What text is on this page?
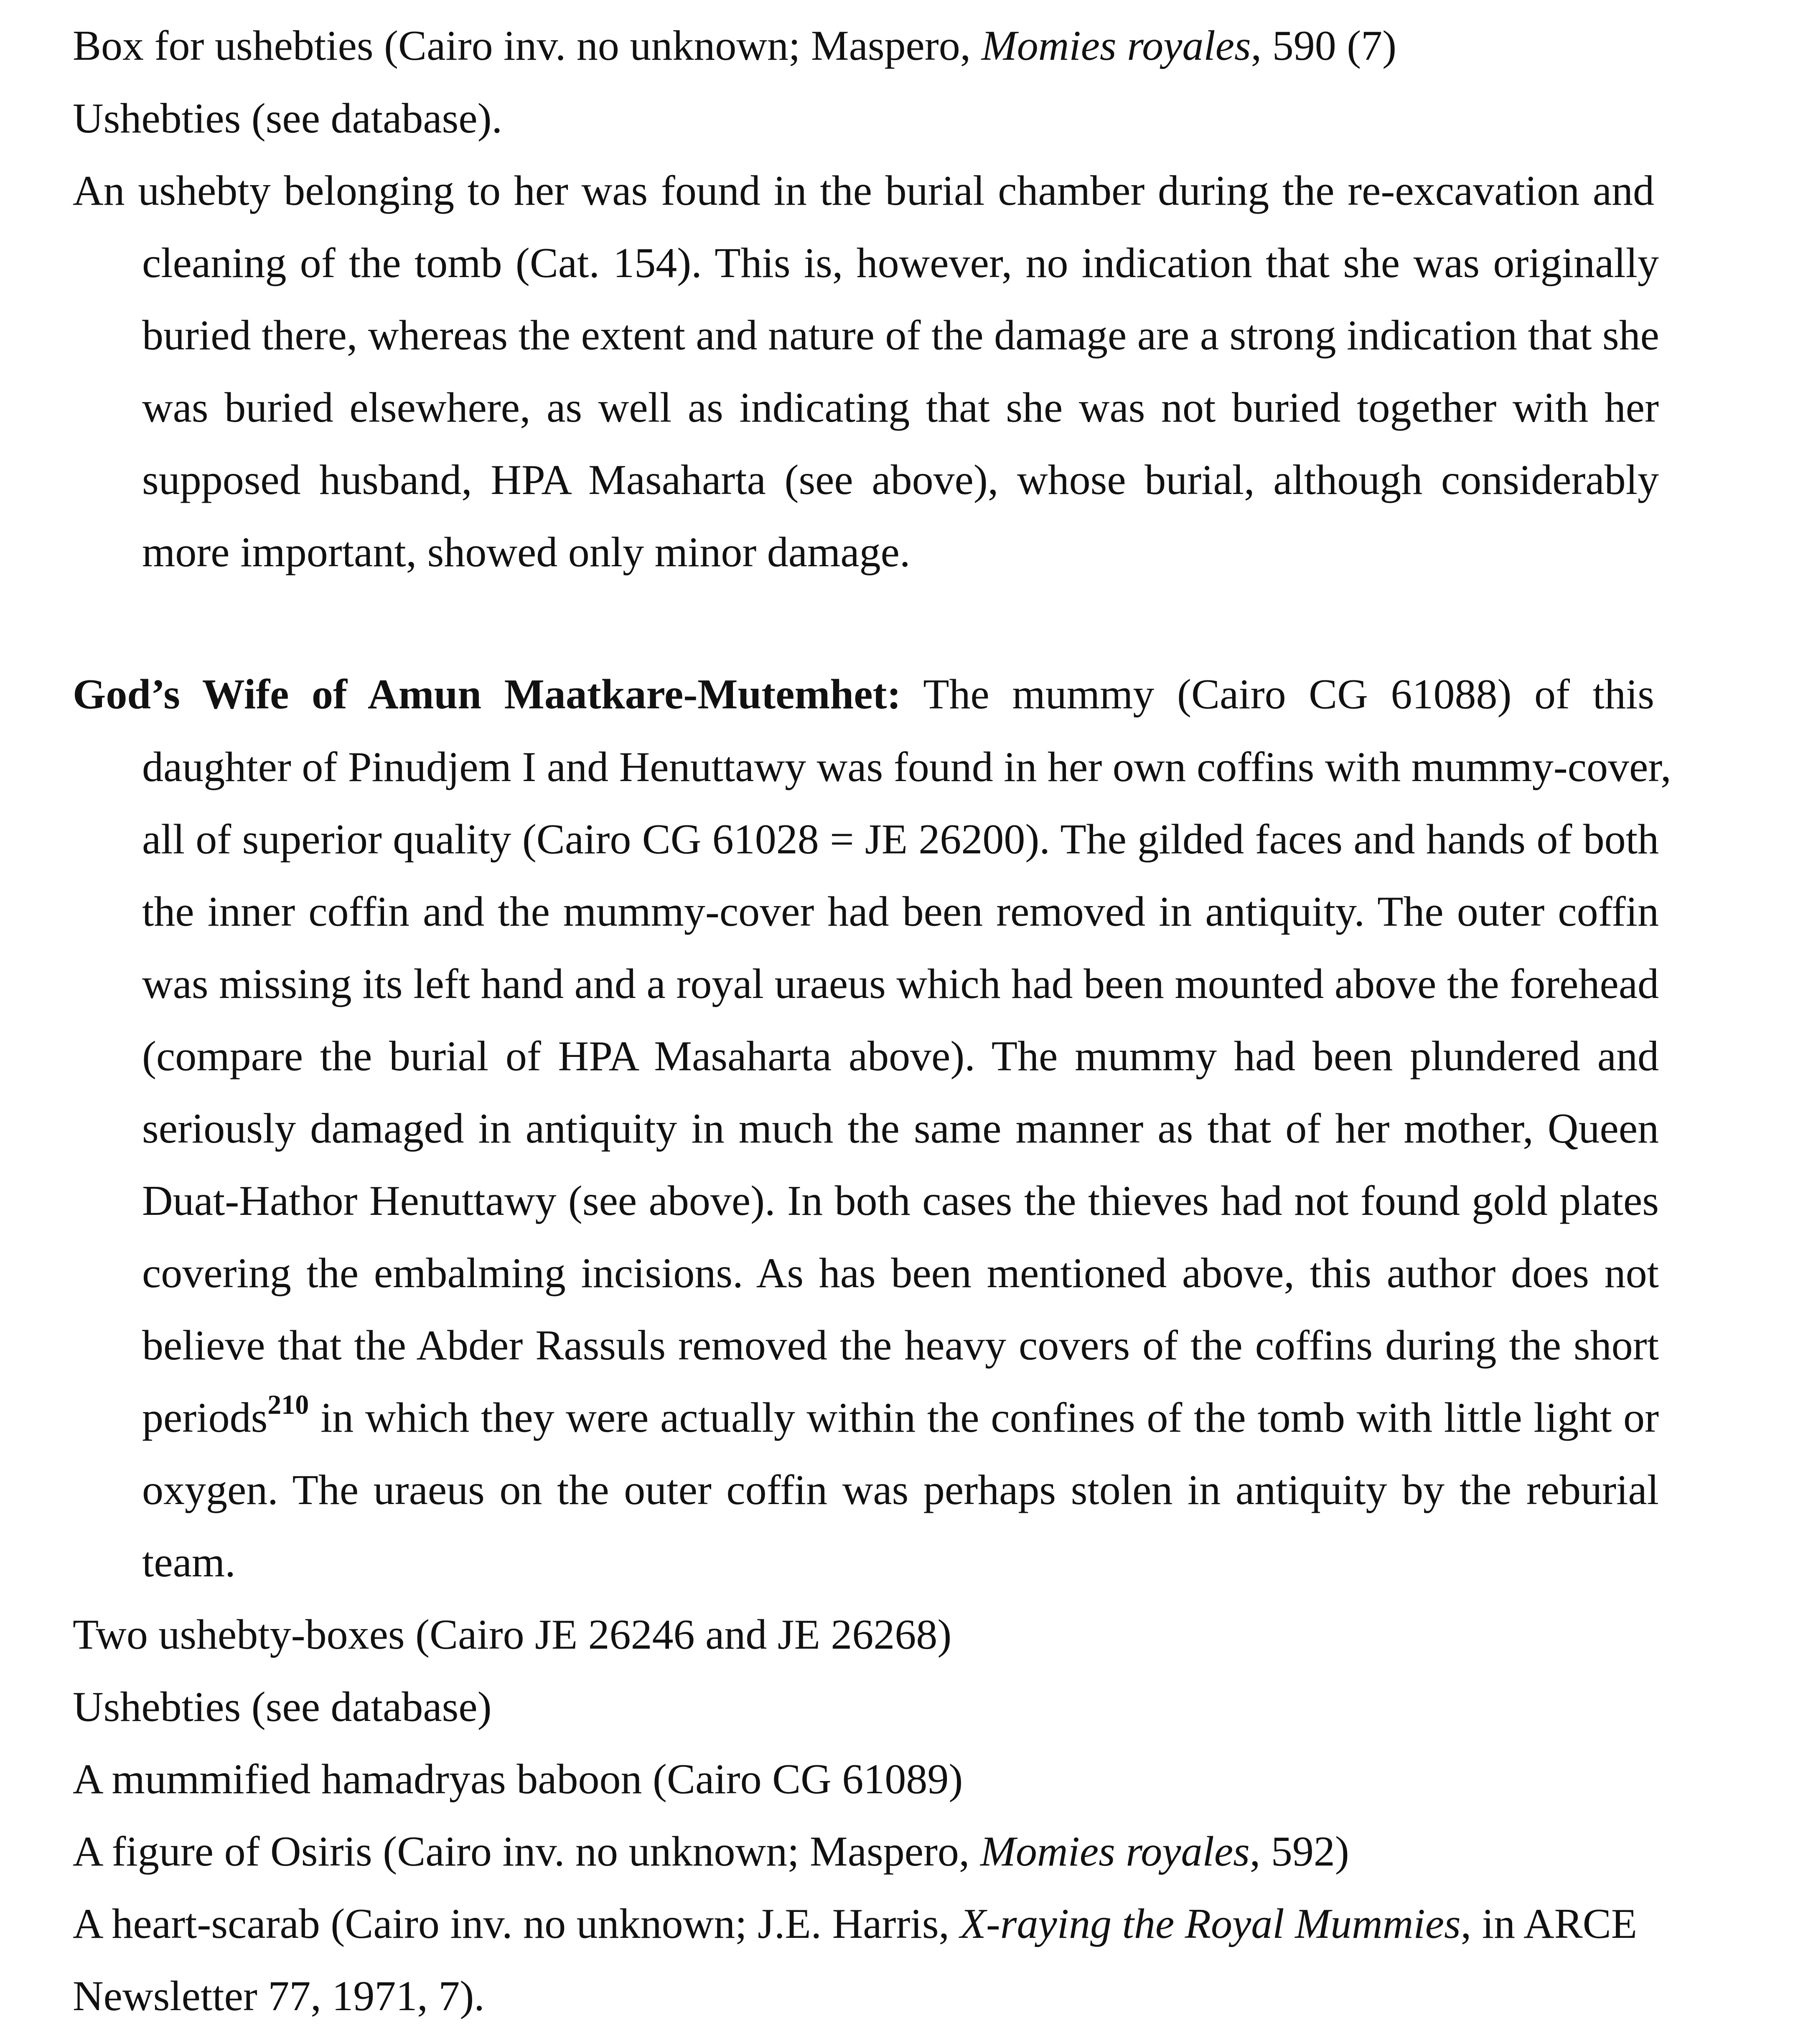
Box for ushebties (Cairo inv. no unknown; Maspero, Momies royales, 590 (7)
Ushebties (see database).
An ushebty belonging to her was found in the burial chamber during the re-excavation and
cleaning of the tomb (Cat. 154). This is, however, no indication that she was originally
buried there, whereas the extent and nature of the damage are a strong indication that she
was buried elsewhere, as well as indicating that she was not buried together with her
supposed husband, HPA Masaharta (see above), whose burial, although considerably
more important, showed only minor damage.
God’s Wife of Amun Maatkare-Mutemhet: The mummy (Cairo CG 61088) of this
daughter of Pinudjem I and Henuttawy was found in her own coffins with mummy-cover,
all of superior quality (Cairo CG 61028 = JE 26200). The gilded faces and hands of both
the inner coffin and the mummy-cover had been removed in antiquity. The outer coffin
was missing its left hand and a royal uraeus which had been mounted above the forehead
(compare the burial of HPA Masaharta above). The mummy had been plundered and
seriously damaged in antiquity in much the same manner as that of her mother, Queen
Duat-Hathor Henuttawy (see above). In both cases the thieves had not found gold plates
covering the embalming incisions. As has been mentioned above, this author does not
believe that the Abder Rassuls removed the heavy covers of the coffins during the short
periods$^{210}$ in which they were actually within the confines of the tomb with little light or
oxygen. The uraeus on the outer coffin was perhaps stolen in antiquity by the reburial
team.
Two ushebty-boxes (Cairo JE 26246 and JE 26268)
Ushebties (see database)
A mummified hamadryas baboon (Cairo CG 61089)
A figure of Osiris (Cairo inv. no unknown; Maspero, Momies royales, 592)
A heart-scarab (Cairo inv. no unknown; J.E. Harris, X-raying the Royal Mummies, in ARCE
Newsletter 77, 1971, 7).
